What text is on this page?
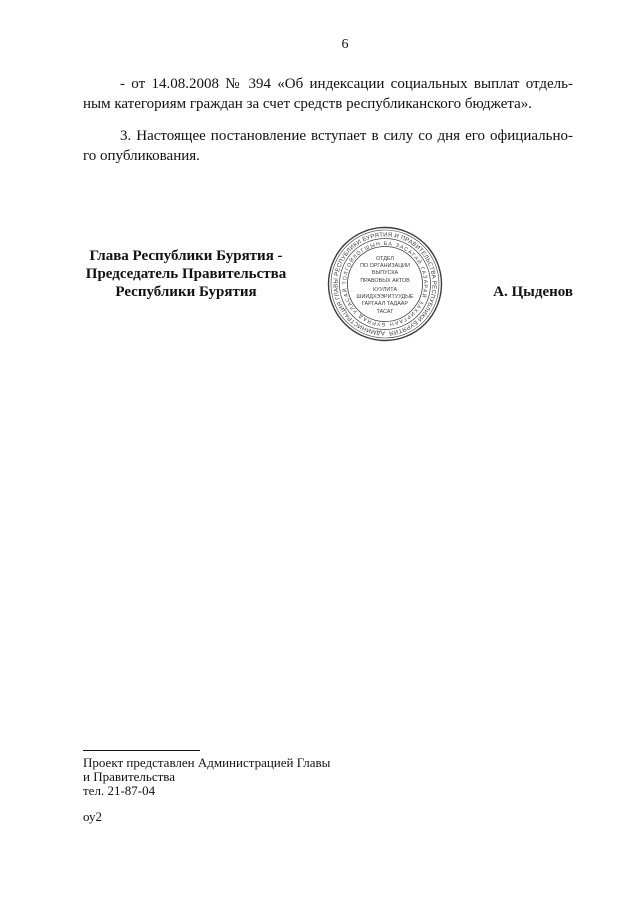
6
- от 14.08.2008 № 394 «Об индексации социальных выплат отдель-
ным категориям граждан за счет средств республиканского бюджета».
3. Настоящее постановление вступает в силу со дня его официально-
го опубликования.
Глава Республики Бурятия -
Председатель Правительства
Республики Бурятия	А. Цыденов
АДМИНИСТРАЦИЯ ГЛАВЫ РЕСПУБЛИКИ БУРЯТИЯ И ПРАВИТЕЛЬСТВА РЕСПУБЛИКИ БУРЯТИЯ
БУРЯАД УЛАСАЙ ТОЛГОЙЛОГШЫН БА ЗАСАГАЙ ГАЗАРАЙ ЗАХИРГААН
ОТДЕЛ
ПО ОРГАНИЗАЦИИ
ВЫПУСКА
ПРАВОВЫХ АКТОВ
КУУЛИТА
ШИИДХЭЭРИТУУДЫЕ
ГАРГААЛ ТАДААР
ТАСАГ
Проект представлен Администрацией Главы
и Правительства
тел. 21-87-04
оу2
